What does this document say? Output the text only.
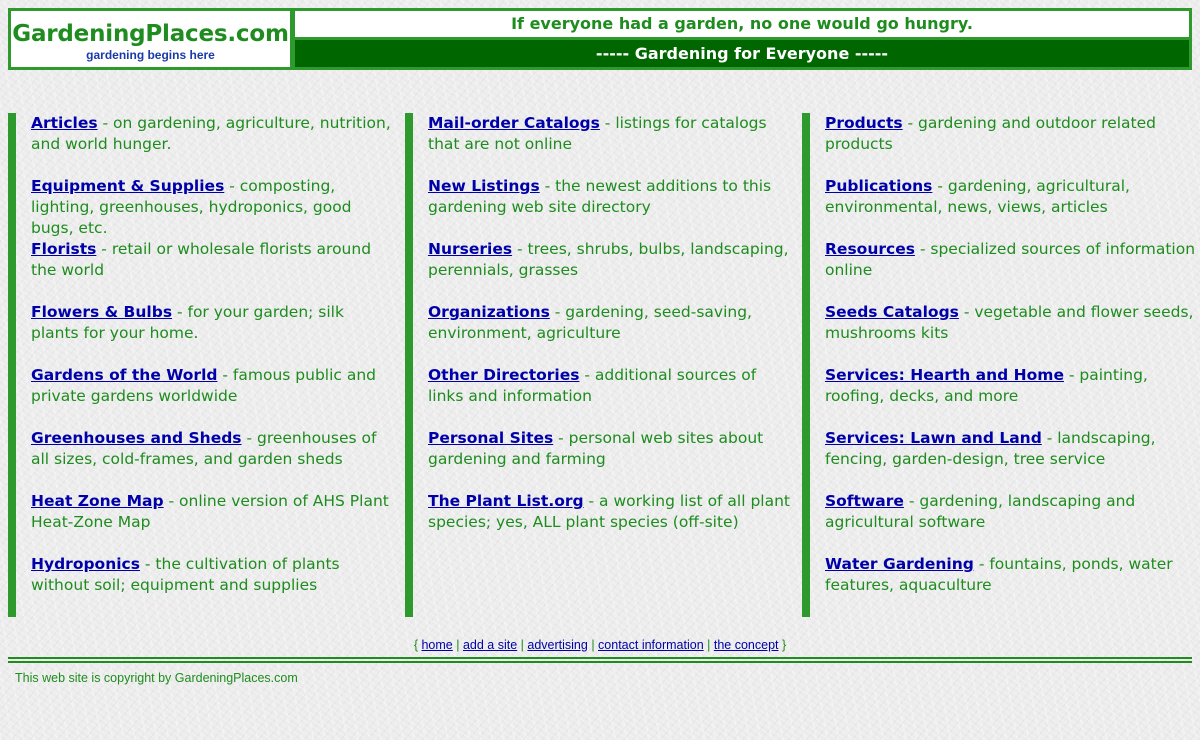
GardeningPlaces.com
gardening begins here
If everyone had a garden, no one would go hungry.
----- Gardening for Everyone -----
Articles - on gardening, agriculture, nutrition, and world hunger.
Equipment & Supplies - composting, lighting, greenhouses, hydroponics, good bugs, etc.
Florists - retail or wholesale florists around the world
Flowers & Bulbs - for your garden; silk plants for your home.
Gardens of the World - famous public and private gardens worldwide
Greenhouses and Sheds - greenhouses of all sizes, cold-frames, and garden sheds
Heat Zone Map - online version of AHS Plant Heat-Zone Map
Hydroponics - the cultivation of plants without soil; equipment and supplies
Mail-order Catalogs - listings for catalogs that are not online
New Listings - the newest additions to this gardening web site directory
Nurseries - trees, shrubs, bulbs, landscaping, perennials, grasses
Organizations - gardening, seed-saving, environment, agriculture
Other Directories - additional sources of links and information
Personal Sites - personal web sites about gardening and farming
The Plant List.org - a working list of all plant species; yes, ALL plant species (off-site)
Products - gardening and outdoor related products
Publications - gardening, agricultural, environmental, news, views, articles
Resources - specialized sources of information online
Seeds Catalogs - vegetable and flower seeds, mushrooms kits
Services: Hearth and Home - painting, roofing, decks, and more
Services: Lawn and Land - landscaping, fencing, garden-design, tree service
Software - gardening, landscaping and agricultural software
Water Gardening - fountains, ponds, water features, aquaculture
{ home | add a site | advertising | contact information | the concept }
This web site is copyright by GardeningPlaces.com
